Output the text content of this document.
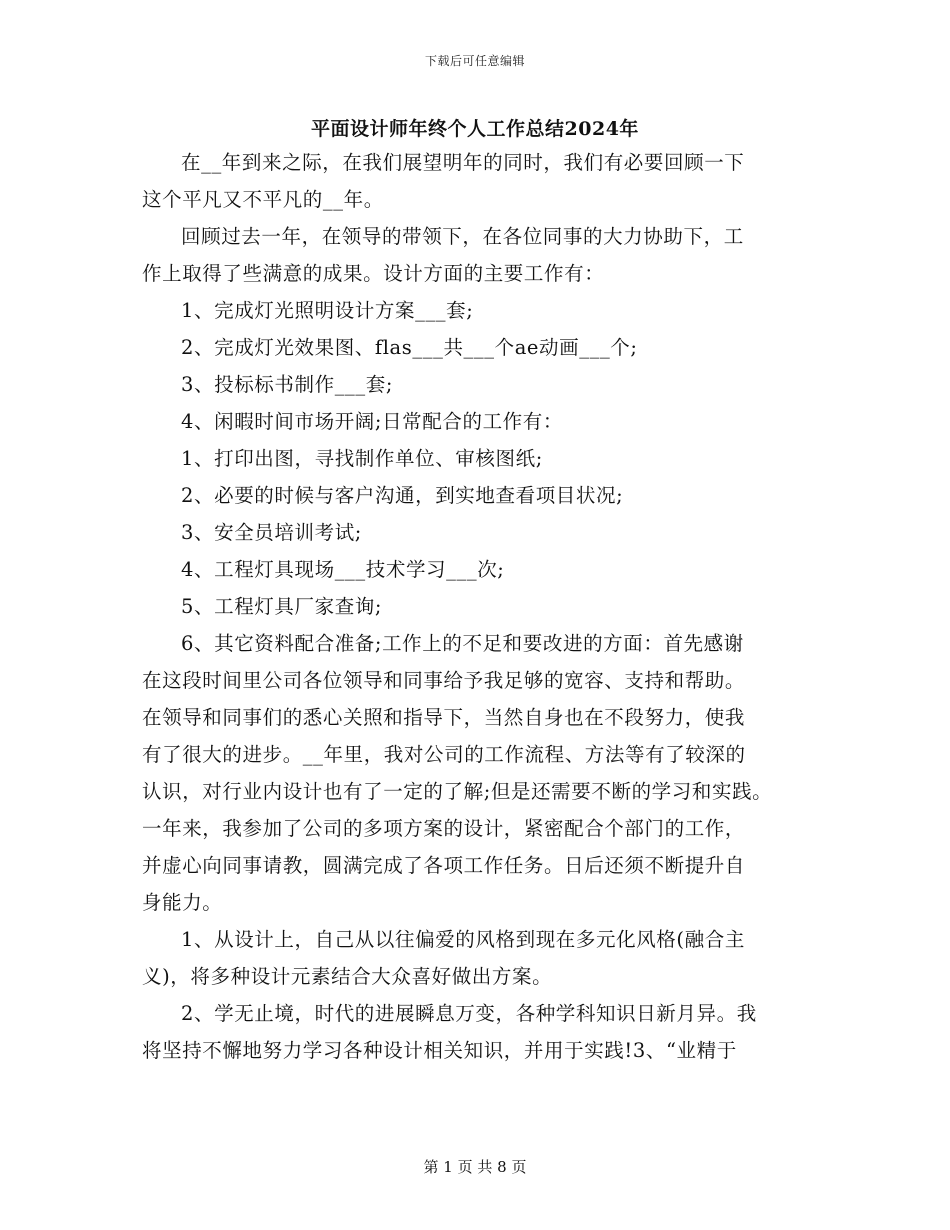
下载后可任意编辑
平面设计师年终个人工作总结2024年

在__年到来之际，在我们展望明年的同时，我们有必要回顾一下

这个平凡又不平凡的__年。

回顾过去一年，在领导的带领下，在各位同事的大力协助下，工

作上取得了些满意的成果。设计方面的主要工作有：

1、完成灯光照明设计方案___套;

2、完成灯光效果图、flas___共___个ae动画___个;

3、投标标书制作___套;

4、闲暇时间市场开阔;日常配合的工作有：

1、打印出图，寻找制作单位、审核图纸;

2、必要的时候与客户沟通，到实地查看项目状况;

3、安全员培训考试;

4、工程灯具现场___技术学习___次;

5、工程灯具厂家查询;

6、其它资料配合准备;工作上的不足和要改进的方面：首先感谢

在这段时间里公司各位领导和同事给予我足够的宽容、支持和帮助。

在领导和同事们的悉心关照和指导下，当然自身也在不段努力，使我

有了很大的进步。__年里，我对公司的工作流程、方法等有了较深的

认识，对行业内设计也有了一定的了解;但是还需要不断的学习和实践。

一年来，我参加了公司的多项方案的设计，紧密配合个部门的工作，

并虚心向同事请教，圆满完成了各项工作任务。日后还须不断提升自

身能力。

1、从设计上，自己从以往偏爱的风格到现在多元化风格(融合主

义)，将多种设计元素结合大众喜好做出方案。

2、学无止境，时代的进展瞬息万变，各种学科知识日新月异。我

将坚持不懈地努力学习各种设计相关知识，并用于实践!3、“业精于

第 1 页 共 8 页
